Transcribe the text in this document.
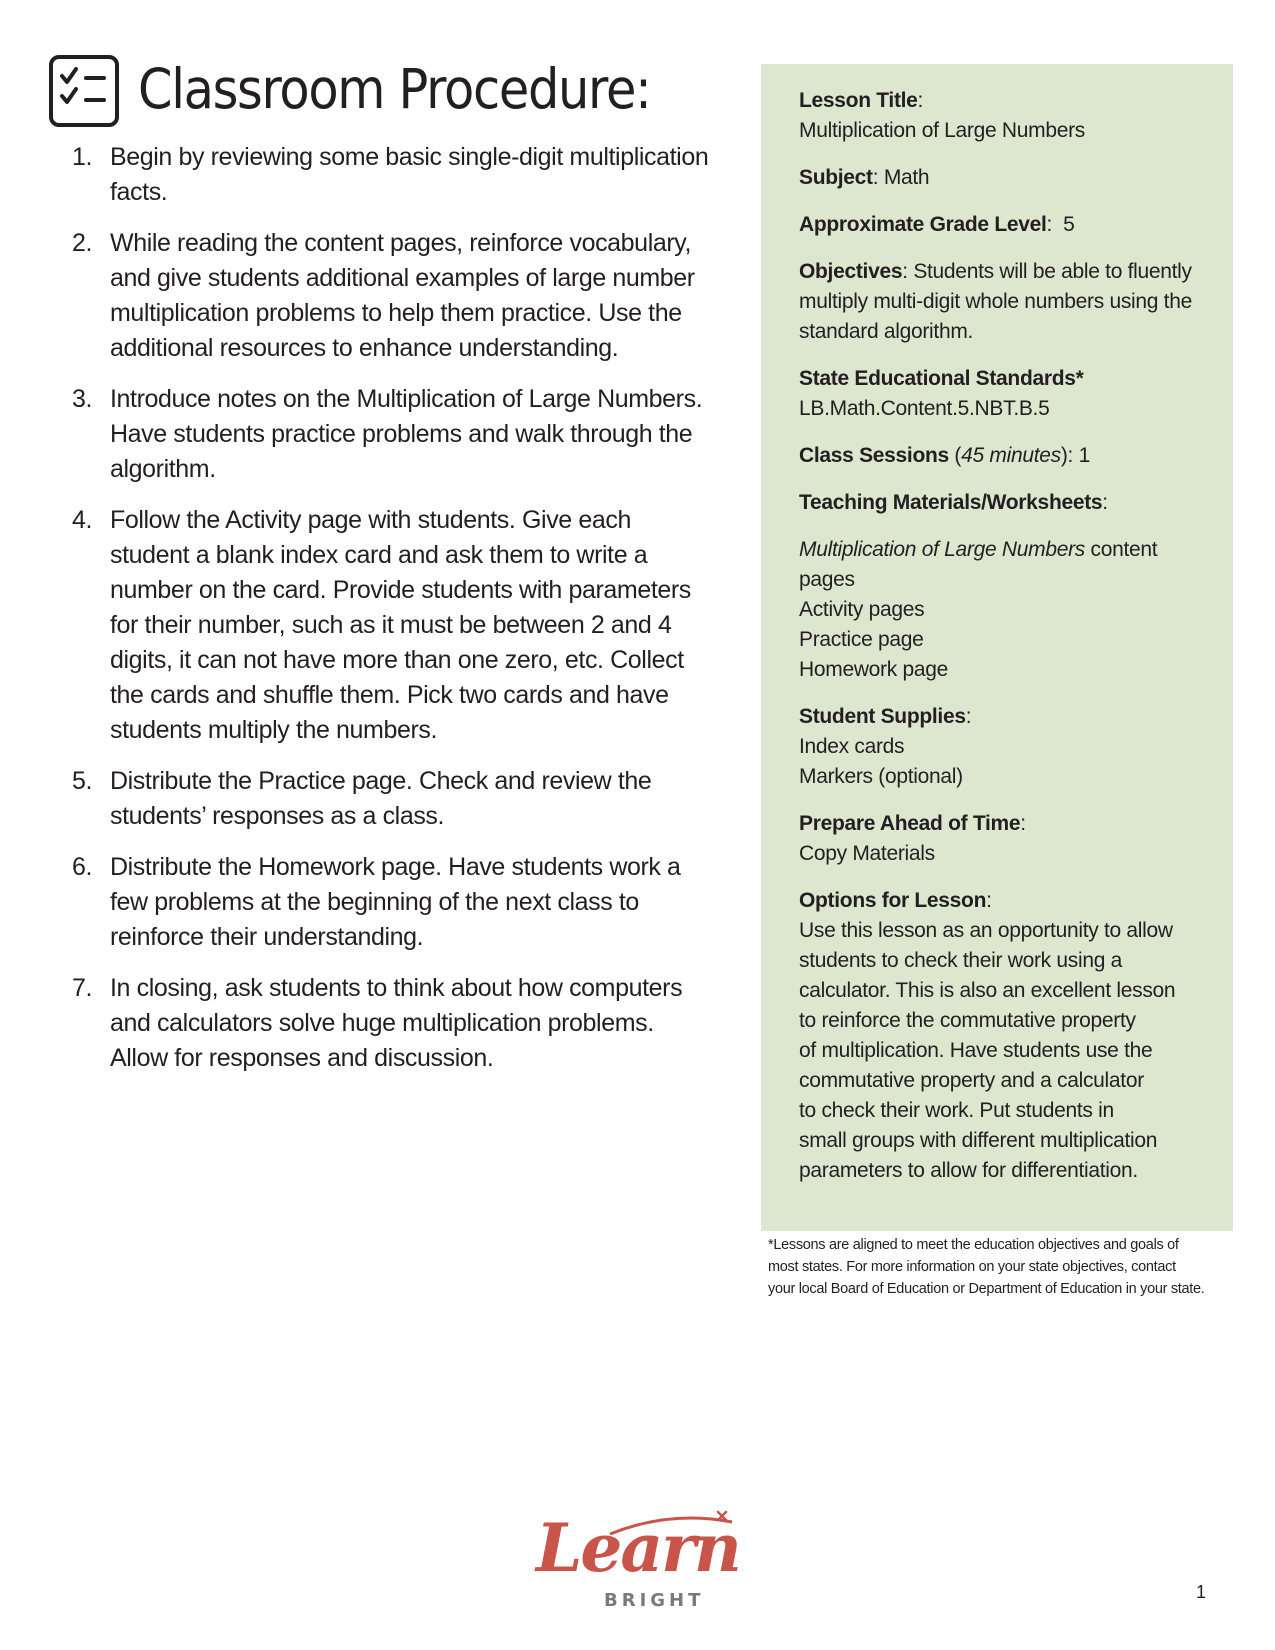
Classroom Procedure:
1. Begin by reviewing some basic single-digit multiplication facts.
2. While reading the content pages, reinforce vocabulary, and give students additional examples of large number multiplication problems to help them practice. Use the additional resources to enhance understanding.
3. Introduce notes on the Multiplication of Large Numbers. Have students practice problems and walk through the algorithm.
4. Follow the Activity page with students. Give each student a blank index card and ask them to write a number on the card. Provide students with parameters for their number, such as it must be between 2 and 4 digits, it can not have more than one zero, etc. Collect the cards and shuffle them. Pick two cards and have students multiply the numbers.
5. Distribute the Practice page. Check and review the students’ responses as a class.
6. Distribute the Homework page. Have students work a few problems at the beginning of the next class to reinforce their understanding.
7. In closing, ask students to think about how computers and calculators solve huge multiplication problems. Allow for responses and discussion.
Lesson Title:
Multiplication of Large Numbers
Subject: Math
Approximate Grade Level:  5
Objectives: Students will be able to fluently multiply multi-digit whole numbers using the standard algorithm.
State Educational Standards*
LB.Math.Content.5.NBT.B.5
Class Sessions (45 minutes): 1
Teaching Materials/Worksheets:
Multiplication of Large Numbers content pages
Activity pages
Practice page
Homework page
Student Supplies:
Index cards
Markers (optional)
Prepare Ahead of Time:
Copy Materials
Options for Lesson:
Use this lesson as an opportunity to allow
students to check their work using a
calculator. This is also an excellent lesson
to reinforce the commutative property
of multiplication. Have students use the
commutative property and a calculator
to check their work. Put students in
small groups with different multiplication
parameters to allow for differentiation.
*Lessons are aligned to meet the education objectives and goals of
most states. For more information on your state objectives, contact
your local Board of Education or Department of Education in your state.
Learn
BRIGHT	1
